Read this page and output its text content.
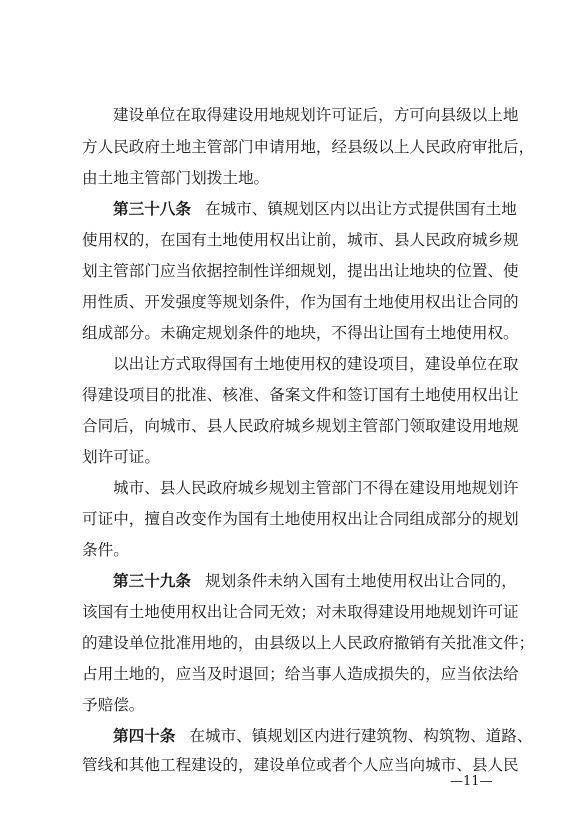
建设单位在取得建设用地规划许可证后，方可向县级以上地
方人民政府土地主管部门申请用地，经县级以上人民政府审批后，
由土地主管部门划拨土地。
第三十八条 在城市、镇规划区内以出让方式提供国有土地
使用权的，在国有土地使用权出让前，城市、县人民政府城乡规
划主管部门应当依据控制性详细规划，提出出让地块的位置、使
用性质、开发强度等规划条件，作为国有土地使用权出让合同的
组成部分。未确定规划条件的地块，不得出让国有土地使用权。
以出让方式取得国有土地使用权的建设项目，建设单位在取
得建设项目的批准、核准、备案文件和签订国有土地使用权出让
合同后，向城市、县人民政府城乡规划主管部门领取建设用地规
划许可证。
城市、县人民政府城乡规划主管部门不得在建设用地规划许
可证中，擅自改变作为国有土地使用权出让合同组成部分的规划
条件。
第三十九条 规划条件未纳入国有土地使用权出让合同的，
该国有土地使用权出让合同无效；对未取得建设用地规划许可证
的建设单位批准用地的，由县级以上人民政府撤销有关批准文件；
占用土地的，应当及时退回；给当事人造成损失的，应当依法给
予赔偿。
第四十条 在城市、镇规划区内进行建筑物、构筑物、道路、
管线和其他工程建设的，建设单位或者个人应当向城市、县人民
—11—
